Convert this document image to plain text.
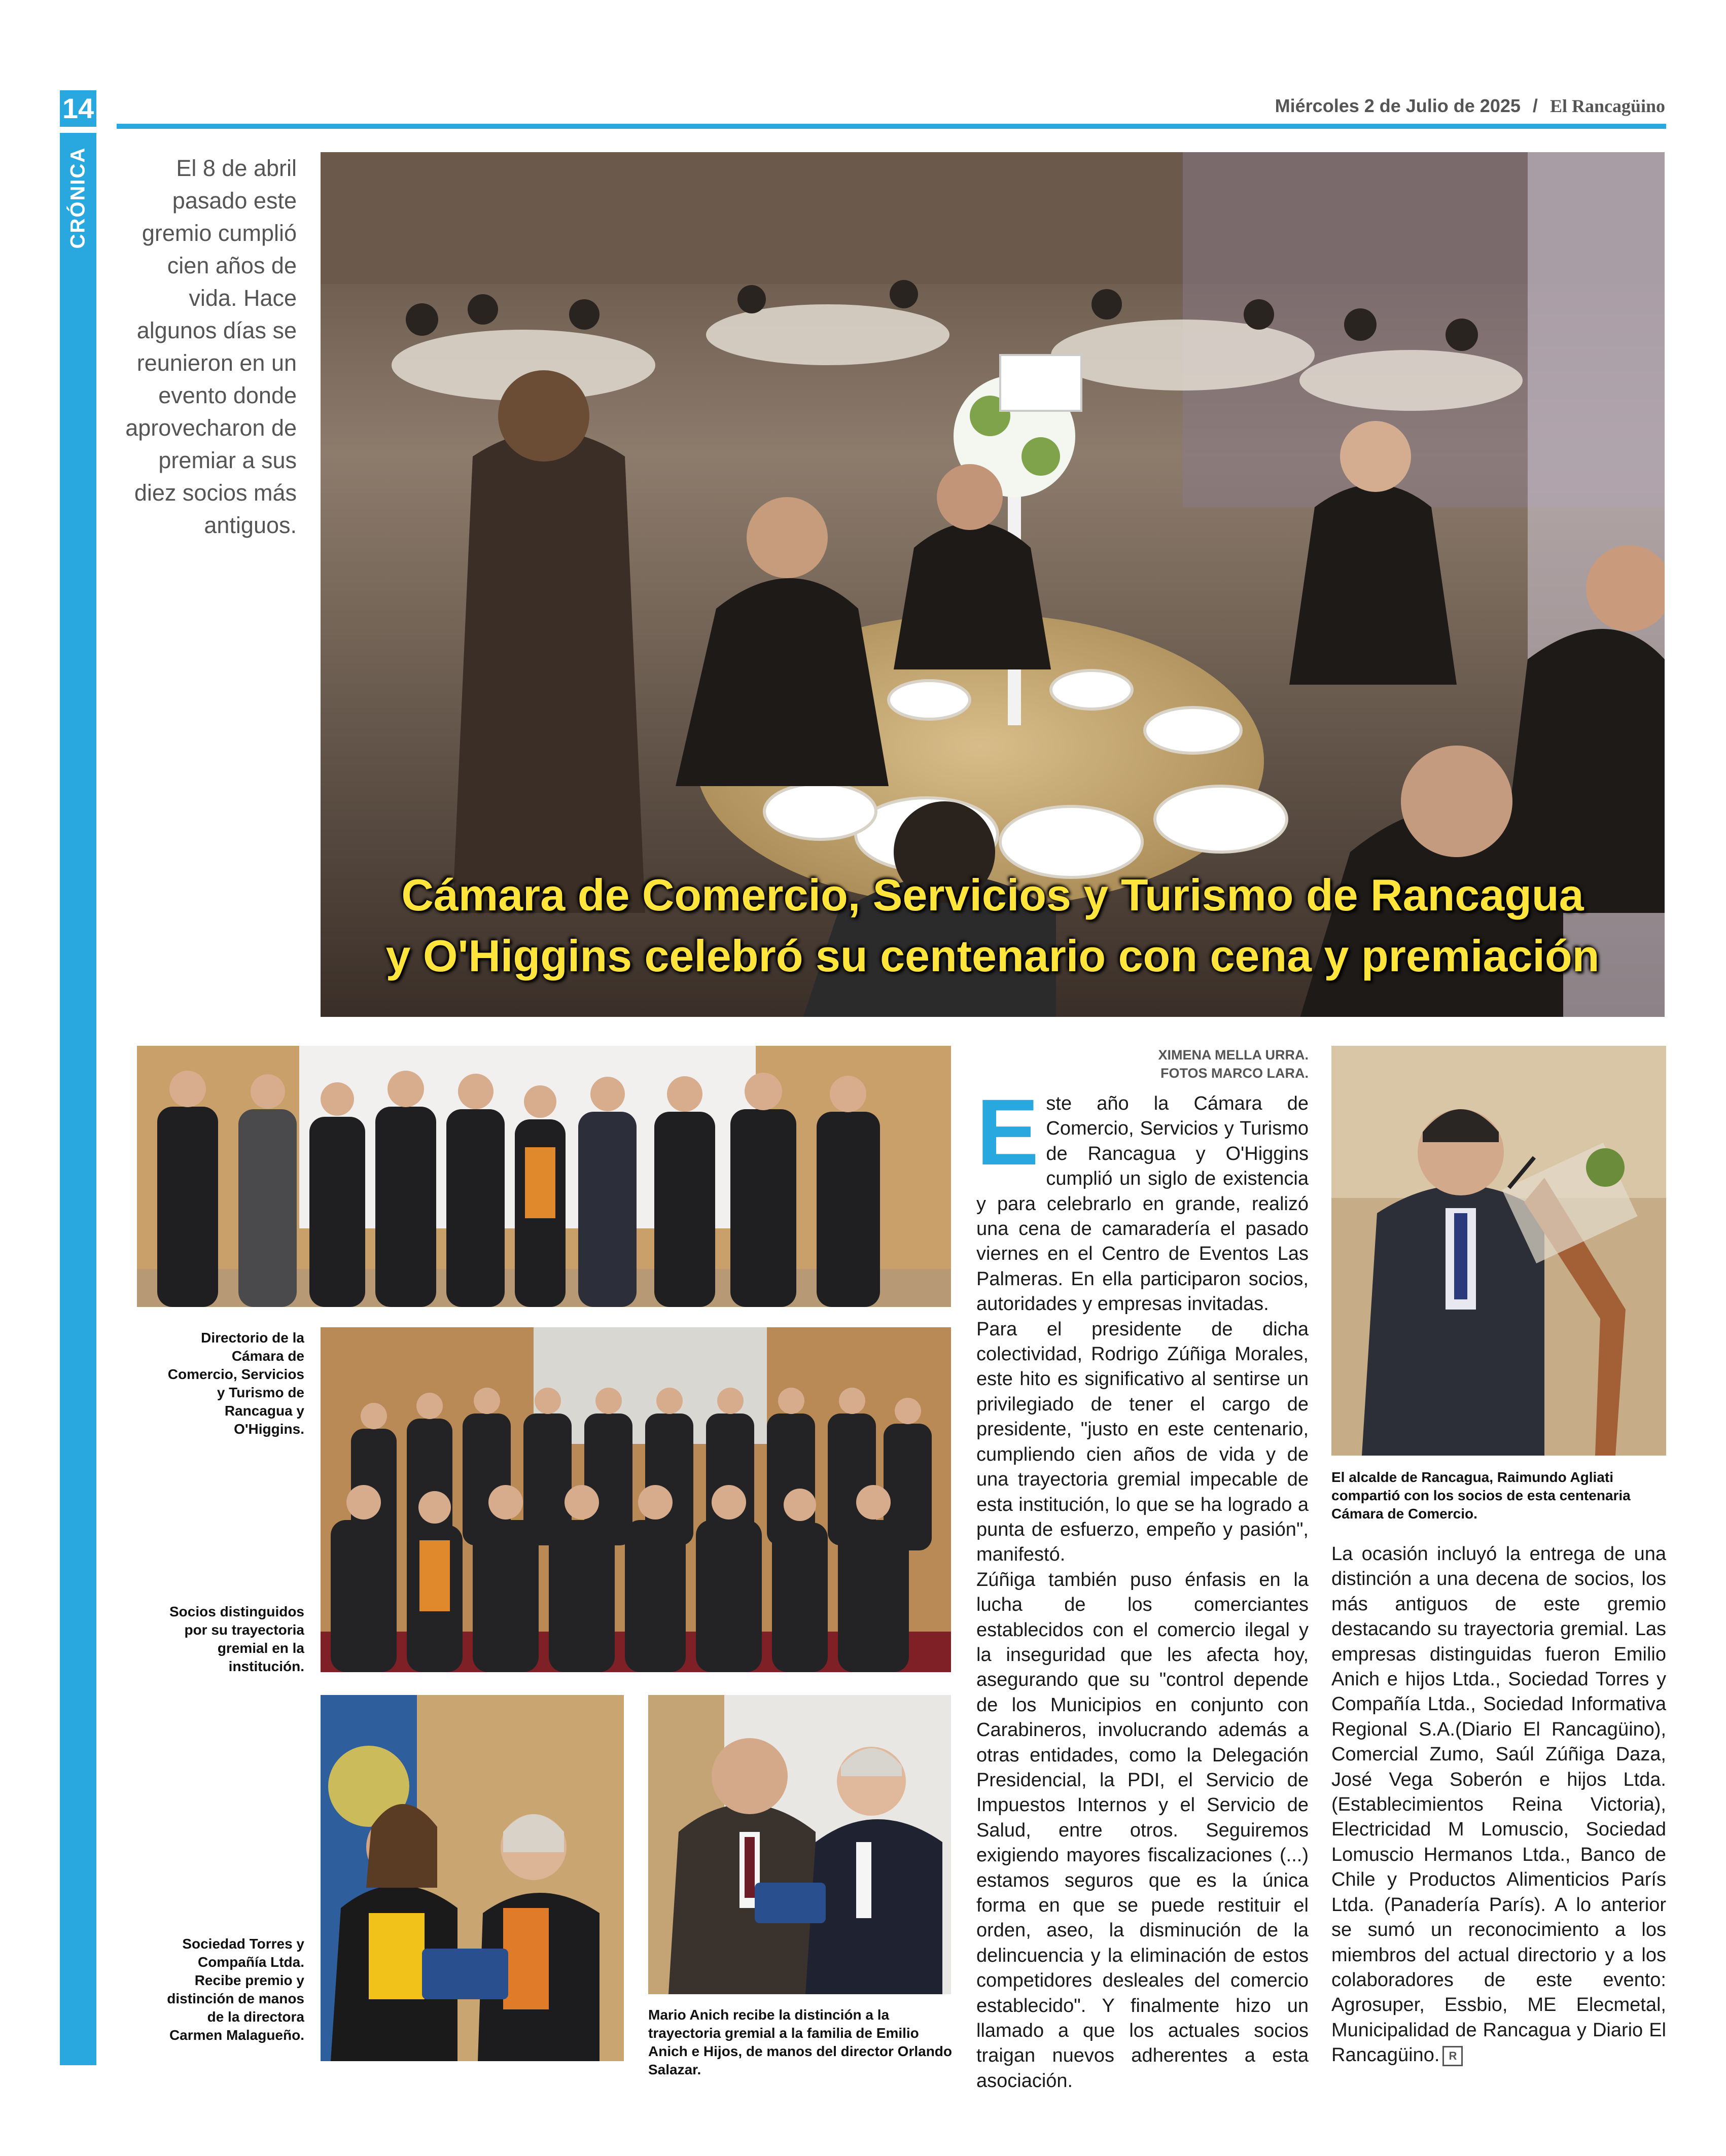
14	Miércoles 2 de Julio de 2025 / El Rancagüino
CRÓNICA	El 8 de abril pasado este gremio cumplió cien años de vida. Hace algunos días se reunieron en un evento donde aprovecharon de premiar a sus diez socios más antiguos.
Cámara de Comercio, Servicios y Turismo de Rancagua
y O'Higgins celebró su centenario con cena y premiación
Directorio de la Cámara de Comercio, Servicios y Turismo de Rancagua y O'Higgins.
Socios distinguidos por su trayectoria gremial en la institución.
Sociedad Torres y Compañía Ltda. Recibe premio y distinción de manos de la directora Carmen Malagueño.
Mario Anich recibe la distinción a la trayectoria gremial a la familia de Emilio Anich e Hijos, de manos del director Orlando Salazar.
El alcalde de Rancagua, Raimundo Agliati compartió con los socios de esta centenaria Cámara de Comercio.
XIMENA MELLA URRA.
FOTOS MARCO LARA.

Este año la Cámara de Comercio, Servicios y Turismo de Rancagua y O'Higgins cumplió un siglo de existencia y para celebrarlo en grande, realizó una cena de camaradería el pasado viernes en el Centro de Eventos Las Palmeras. En ella participaron socios, autoridades y empresas invitadas.

Para el presidente de dicha colectividad, Rodrigo Zúñiga Morales, este hito es significativo al sentirse un privilegiado de tener el cargo de presidente, "justo en este centenario, cumpliendo cien años de vida y de una trayectoria gremial impecable de esta institución, lo que se ha logrado a punta de esfuerzo, empeño y pasión", manifestó.

Zúñiga también puso énfasis en la lucha de los comerciantes establecidos con el comercio ilegal y la inseguridad que les afecta hoy, asegurando que su "control depende de los Municipios en conjunto con Carabineros, involucrando además a otras entidades, como la Delegación Presidencial, la PDI, el Servicio de Impuestos Internos y el Servicio de Salud, entre otros. Seguiremos exigiendo mayores fiscalizaciones (...) estamos seguros que es la única forma en que se puede restituir el orden, aseo, la disminución de la delincuencia y la eliminación de estos competidores desleales del comercio establecido". Y finalmente hizo un llamado a que los actuales socios traigan nuevos adherentes a esta asociación.

La ocasión incluyó la entrega de una distinción a una decena de socios, los más antiguos de este gremio destacando su trayectoria gremial. Las empresas distinguidas fueron Emilio Anich e hijos Ltda., Sociedad Torres y Compañía Ltda., Sociedad Informativa Regional S.A.(Diario El Rancagüino), Comercial Zumo, Saúl Zúñiga Daza, José Vega Soberón e hijos Ltda. (Establecimientos Reina Victoria), Electricidad M Lomuscio, Sociedad Lomuscio Hermanos Ltda., Banco de Chile y Productos Alimenticios París Ltda. (Panadería París). A lo anterior se sumó un reconocimiento a los miembros del actual directorio y a los colaboradores de este evento: Agrosuper, Essbio, ME Elecmetal, Municipalidad de Rancagua y Diario El Rancagüino. R
